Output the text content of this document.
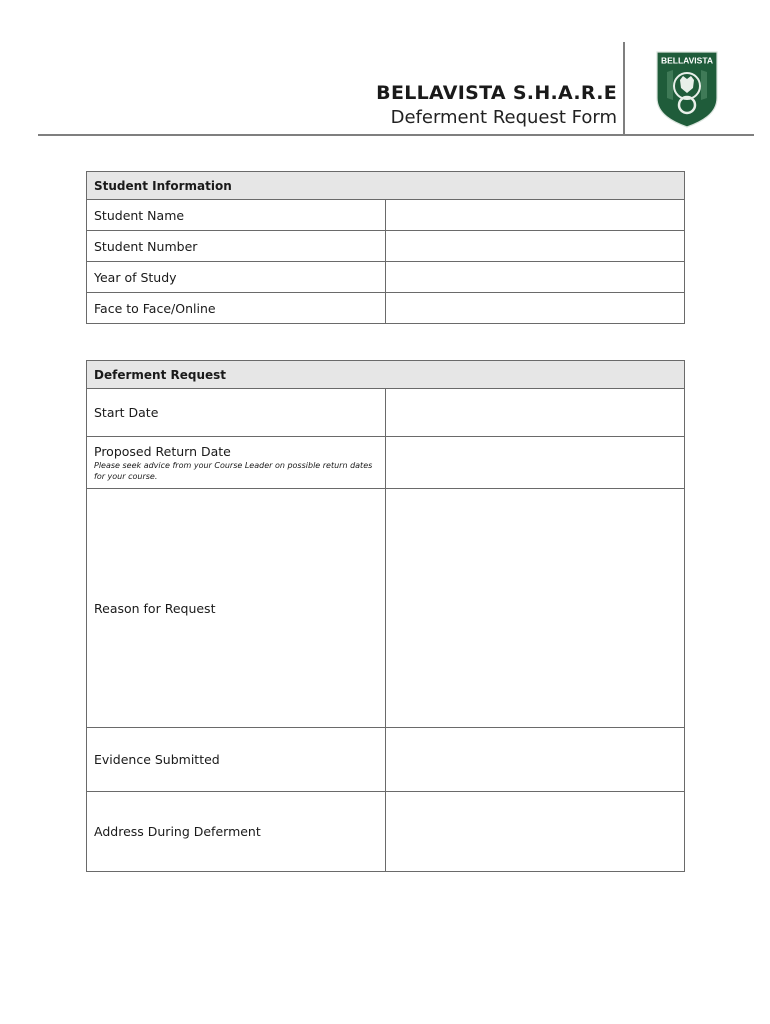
BELLAVISTA S.H.A.R.E
Deferment Request Form
BELLAVISTA
Student Information	
Student Name	
Student Number	
Year of Study	
Face to Face/Online	
Deferment Request	
Start Date	
Proposed Return Date
Please seek advice from your Course Leader on possible return dates for your course.	

Reason for Request	
Evidence Submitted	
Address During Deferment	
